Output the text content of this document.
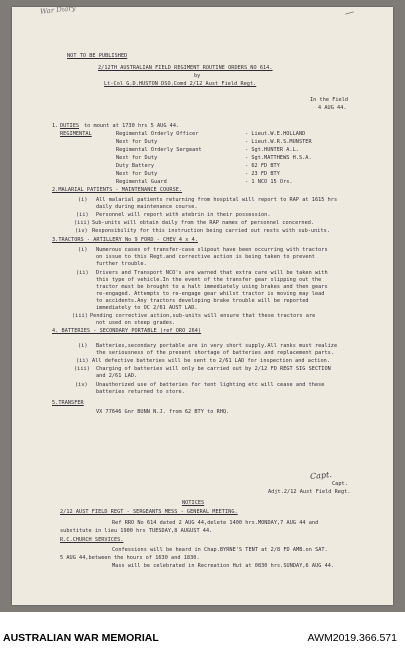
War Diary	⁄
NOT TO BE PUBLISHED
2/12TH AUSTRALIAN FIELD REGIMENT ROUTINE ORDERS NO 614.
by
Lt-Col G.D.HUSTON DSO.Comd 2/12 Aust Field Regt.
In the Field
4 AUG 44.
1. DUTIES to mount at 1730 hrs 5 AUG 44.
REGIMENTAL	Regimental Orderly Officer	- Lieut.W.E.HOLLAND
Next for Duty	- Lieut.W.R.S.MUNSTER
Regimental Orderly Sergeant	- Sgt.HUNTER A.L.
Next for Duty	- Sgt.MATTHEWS H.S.A.
Duty Battery	- 62 FD BTY
Next for Duty	- 23 FD BTY
Regimental Guard	- 1 NCO 15 Ors.
2.MALARIAL PATIENTS - MAINTENANCE COURSE.
(i) All malarial patients returning from hospital will report to RAP at 1615 hrs
daily during maintenance course.
(ii) Personnel will report with atebrin in their possession.
(iii) Sub-units will obtain daily from the RAP names of personnel concerned.
(iv) Responsibility for this instruction being carried out rests with sub-units.
3.TRACTORS - ARTILLERY No 9 FORD - CHEV 4 x 4.
(i) Numerous cases of transfer-case slipout have been occurring with tractors
on issue to this Regt.and corrective action is being taken to prevent
further trouble.
(ii) Drivers and Transport NCO's are warned that extra care will be taken with
this type of vehicle.In the event of the transfer gear slipping out the
tractor must be brought to a halt immediately using brakes and then gears
re-engaged. Attempts to re-engage gear whilst tractor is moving may lead
to accidents.Any tractors developing brake trouble will be reported
immediately to OC 2/61 AUST LAD.
(iii) Pending corrective action,sub-units will ensure that these tractors are
not used on steep grades.
4. BATTERIES - SECONDARY PORTABLE (ref ORO 264)
(i) Batteries,secondary portable are in very short supply.All ranks must realize
the seriousness of the present shortage of batteries and replacement parts.
(ii) All defective batteries will be sent to 2/61 LAD for inspection and action.
(iii) Charging of batteries will only be carried out by 2/12 FD REGT SIG SECTION
and 2/61 LAD.
(iv) Unauthorized use of batteries for tent lighting etc will cease and these
batteries returned to store.
5.TRANSFER
VX 77646 Gnr BUNN N.J. from 62 BTY to RHQ.
Capt.
Capt.
Adjt.2/12 Aust Field Regt.
NOTICES
2/12 AUST FIELD REGT - SERGEANTS MESS - GENERAL MEETING.
Ref RRO No 614 dated 2 AUG 44,delete 1400 hrs.MONDAY,7 AUG 44 and
substitute in lieu 1900 hrs TUESDAY,8 AUGUST 44.
R.C.CHURCH SERVICES.
Confessions will be heard in Chap.BYRNE'S TENT at 2/8 FD AMB.on SAT.
5 AUG 44,between the hours of 1630 and 1830.
Mass will be celebrated in Recreation Hut at 0830 hrs.SUNDAY,6 AUG 44.
AUSTRALIAN WAR MEMORIAL	AWM2019.366.571
